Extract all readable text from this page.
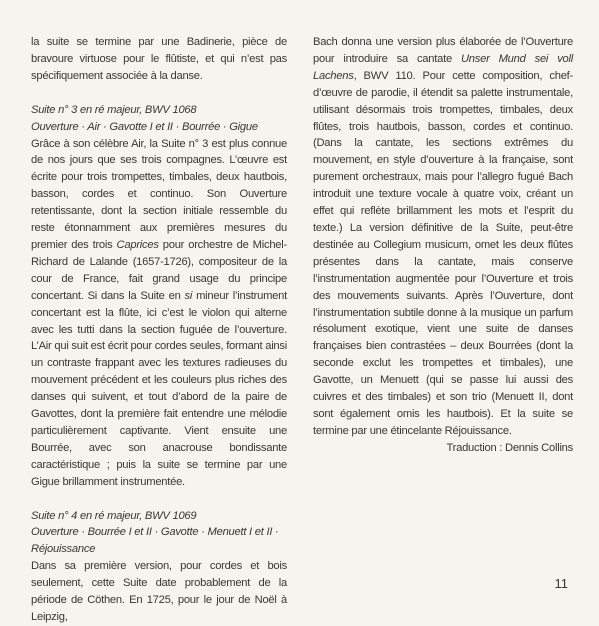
la suite se termine par une Badinerie, pièce de bravoure virtuose pour le flûtiste, et qui n’est pas spécifiquement associée à la danse.

Suite n° 3 en ré majeur, BWV 1068

Ouverture · Air · Gavotte I et II · Bourrée · Gigue

Grâce à son célèbre Air, la Suite n° 3 est plus connue de nos jours que ses trois compagnes. L’œuvre est écrite pour trois trompettes, timbales, deux hautbois, basson, cordes et continuo. Son Ouverture retentissante, dont la section initiale ressemble du reste étonnamment aux premières mesures du premier des trois Caprices pour orchestre de Michel-Richard de Lalande (1657-1726), compositeur de la cour de France, fait grand usage du principe concertant. Si dans la Suite en si mineur l’instrument concertant est la flûte, ici c’est le violon qui alterne avec les tutti dans la section fuguée de l’ouverture. L’Air qui suit est écrit pour cordes seules, formant ainsi un contraste frappant avec les textures radieuses du mouvement précédent et les couleurs plus riches des danses qui suivent, et tout d’abord de la paire de Gavottes, dont la première fait entendre une mélodie particulièrement captivante. Vient ensuite une Bourrée, avec son anacrouse bondissante caractéristique ; puis la suite se termine par une Gigue brillamment instrumentée.

Suite n° 4 en ré majeur, BWV 1069

Ouverture · Bourrée I et II · Gavotte · Menuett I et II · Réjouissance

Dans sa première version, pour cordes et bois seulement, cette Suite date probablement de la période de Cöthen. En 1725, pour le jour de Noël à Leipzig,

Bach donna une version plus élaborée de l’Ouverture pour introduire sa cantate Unser Mund sei voll Lachens, BWV 110. Pour cette composition, chef-d’œuvre de parodie, il étendit sa palette instrumentale, utilisant désormais trois trompettes, timbales, deux flûtes, trois hautbois, basson, cordes et continuo. (Dans la cantate, les sections extrêmes du mouvement, en style d’ouverture à la française, sont purement orchestraux, mais pour l’allegro fugué Bach introduit une texture vocale à quatre voix, créant un effet qui reflète brillamment les mots et l’esprit du texte.) La version définitive de la Suite, peut-être destinée au Collegium musicum, omet les deux flûtes présentes dans la cantate, mais conserve l’instrumentation augmentée pour l’Ouverture et trois des mouvements suivants. Après l’Ouverture, dont l’instrumentation subtile donne à la musique un parfum résolument exotique, vient une suite de danses françaises bien contrastées – deux Bourrées (dont la seconde exclut les trompettes et timbales), une Gavotte, un Menuett (qui se passe lui aussi des cuivres et des timbales) et son trio (Menuett II, dont sont également omis les hautbois). Et la suite se termine par une étincelante Réjouissance.

Traduction : Dennis Collins

11
